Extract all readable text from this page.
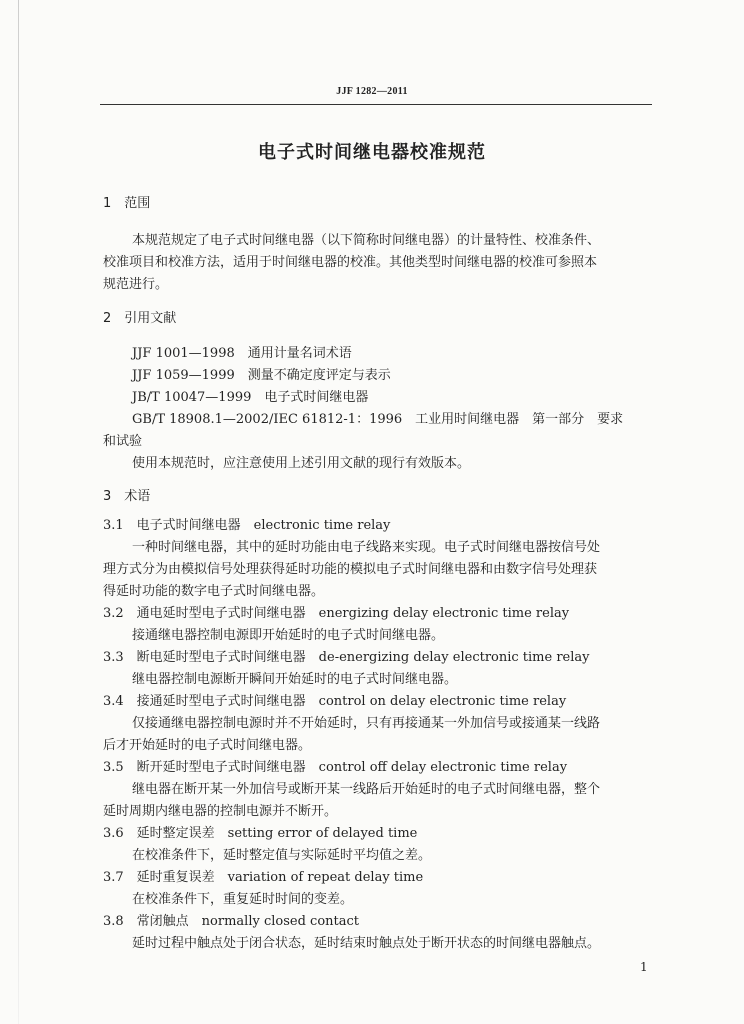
JJF 1282—2011
电子式时间继电器校准规范
1　范围
本规范规定了电子式时间继电器（以下简称时间继电器）的计量特性、校准条件、
校准项目和校准方法，适用于时间继电器的校准。其他类型时间继电器的校准可参照本
规范进行。
2　引用文献
JJF 1001—1998　通用计量名词术语
JJF 1059—1999　测量不确定度评定与表示
JB/T 10047—1999　电子式时间继电器
GB/T 18908.1—2002/IEC 61812-1：1996　工业用时间继电器　第一部分　要求
和试验
使用本规范时，应注意使用上述引用文献的现行有效版本。
3　术语
3.1　电子式时间继电器　electronic time relay
一种时间继电器，其中的延时功能由电子线路来实现。电子式时间继电器按信号处
理方式分为由模拟信号处理获得延时功能的模拟电子式时间继电器和由数字信号处理获
得延时功能的数字电子式时间继电器。
3.2　通电延时型电子式时间继电器　energizing delay electronic time relay
接通继电器控制电源即开始延时的电子式时间继电器。
3.3　断电延时型电子式时间继电器　de-energizing delay electronic time relay
继电器控制电源断开瞬间开始延时的电子式时间继电器。
3.4　接通延时型电子式时间继电器　control on delay electronic time relay
仅接通继电器控制电源时并不开始延时，只有再接通某一外加信号或接通某一线路
后才开始延时的电子式时间继电器。
3.5　断开延时型电子式时间继电器　control off delay electronic time relay
继电器在断开某一外加信号或断开某一线路后开始延时的电子式时间继电器，整个
延时周期内继电器的控制电源并不断开。
3.6　延时整定误差　setting error of delayed time
在校准条件下，延时整定值与实际延时平均值之差。
3.7　延时重复误差　variation of repeat delay time
在校准条件下，重复延时时间的变差。
3.8　常闭触点　normally closed contact
延时过程中触点处于闭合状态，延时结束时触点处于断开状态的时间继电器触点。
1
